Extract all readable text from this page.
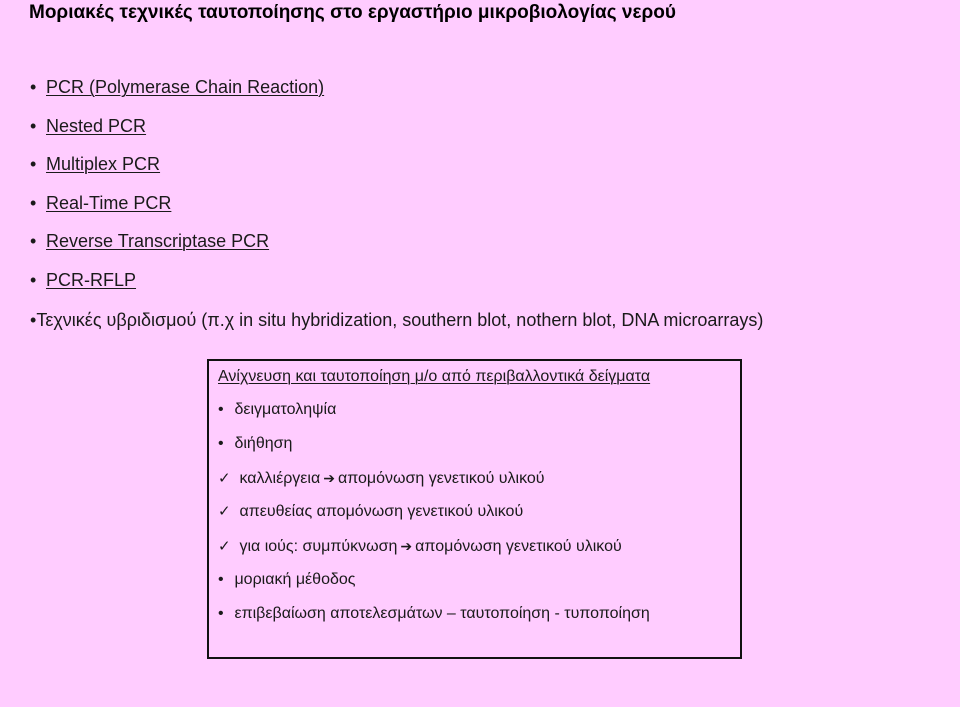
Μοριακές τεχνικές ταυτοποίησης στο εργαστήριο μικροβιολογίας νερού
• PCR (Polymerase Chain Reaction)
• Nested PCR
• Multiplex PCR
• Real-Time PCR
• Reverse Transcriptase PCR
• PCR-RFLP
•Τεχνικές υβριδισμού (π.χ in situ hybridization, southern blot, nothern blot, DNA microarrays)
Ανίχνευση και ταυτοποίηση μ/ο από περιβαλλοντικά δείγματα
• δειγματοληψία
• διήθηση
✓ καλλιέργεια ➔ απομόνωση γενετικού υλικού
✓ απευθείας απομόνωση γενετικού υλικού
✓ για ιούς: συμπύκνωση ➔ απομόνωση γενετικού υλικού
• μοριακή μέθοδος
• επιβεβαίωση αποτελεσμάτων – ταυτοποίηση - τυποποίηση
